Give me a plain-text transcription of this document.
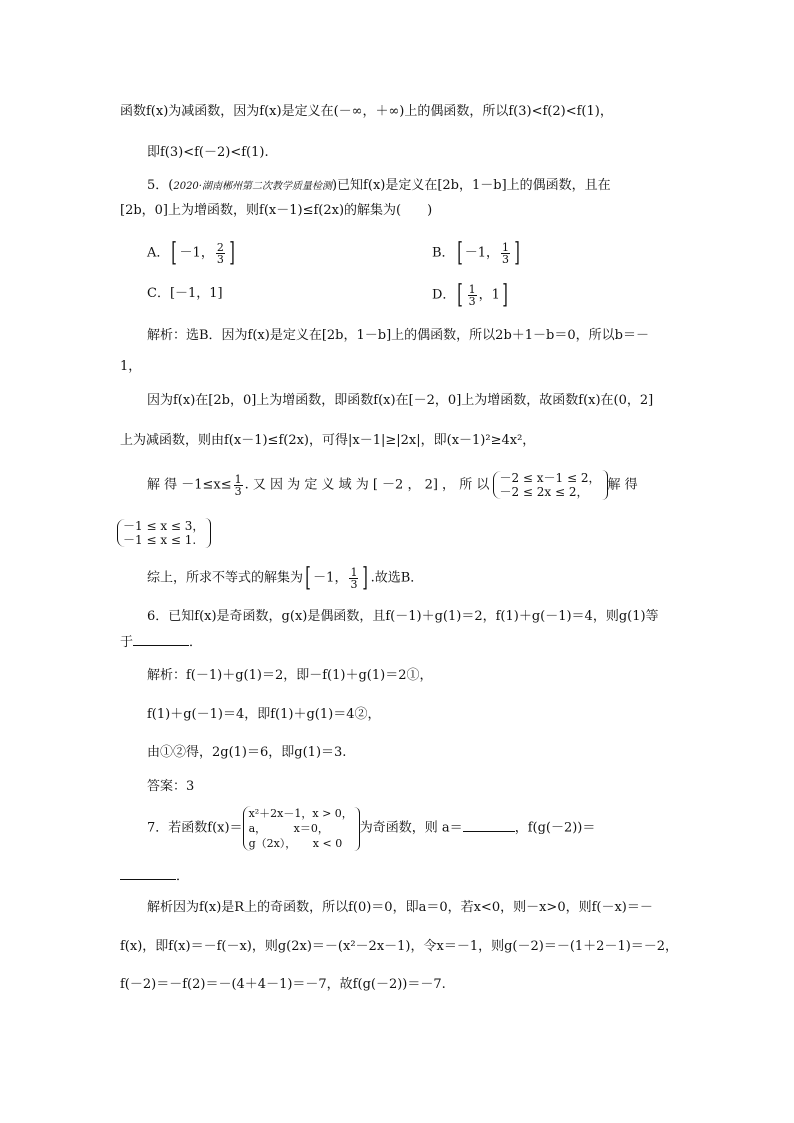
函数f(x)为减函数，因为f(x)是定义在(－∞，＋∞)上的偶函数，所以f(3)<f(2)<f(1)，
即f(3)<f(－2)<f(1).
5．(2020·湖南郴州第二次教学质量检测)已知f(x)是定义在[2b，1－b]上的偶函数，且在
[2b，0]上为增函数，则f(x－1)≤f(2x)的解集为(　　)
A．[ －1， $\frac{2}{3}$ ]	B．[ －1， $\frac{1}{3}$ ]
C．[－1，1]	D．[ $\frac{1}{3}$ ，1]
解析：选B．因为f(x)是定义在[2b，1－b]上的偶函数，所以2b＋1－b＝0，所以b＝－
1，
因为f(x)在[2b，0]上为增函数，即函数f(x)在[－2，0]上为增函数，故函数f(x)在(0，2]
上为减函数，则由f(x－1)≤f(2x)，可得|x－1|≥|2x|，即(x－1)²≥4x²，
解 得 $-1\le x\le \frac{1}{3}$ . 又 因 为 定 义 域 为 [ －2 ， 2] ， 所 以 －2 ≤ x－1 ≤ 2，
－2 ≤ 2x ≤ 2，	解 得
－1 ≤ x ≤ 3，
－1 ≤ x ≤ 1.
综上，所求不等式的解集为[ －1， $\frac{1}{3}$ ] .故选B．
6．已知f(x)是奇函数，g(x)是偶函数，且f(－1)＋g(1)＝2，f(1)＋g(－1)＝4，则g(1)等
于	．
解析：f(－1)＋g(1)＝2，即－f(1)＋g(1)＝2①，
f(1)＋g(－1)＝4，即f(1)＋g(1)＝4②，
由①②得，2g(1)＝6，即g(1)＝3.
答案：3
7．若函数f(x)＝
x²＋2x－1，x > 0，
a，　　　x＝0，
g（2x），　　x < 0
为奇函数，则 a＝	，f(g(－2))＝
．
解析因为f(x)是R上的奇函数，所以f(0)＝0，即a＝0，若x<0，则－x>0，则f(－x)＝－
f(x)，即f(x)＝－f(－x)，则g(2x)＝－(x²－2x－1)，令x＝－1，则g(－2)＝－(1＋2－1)＝－2，
f(－2)＝－f(2)＝－(4＋4－1)＝－7，故f(g(－2))＝－7.
